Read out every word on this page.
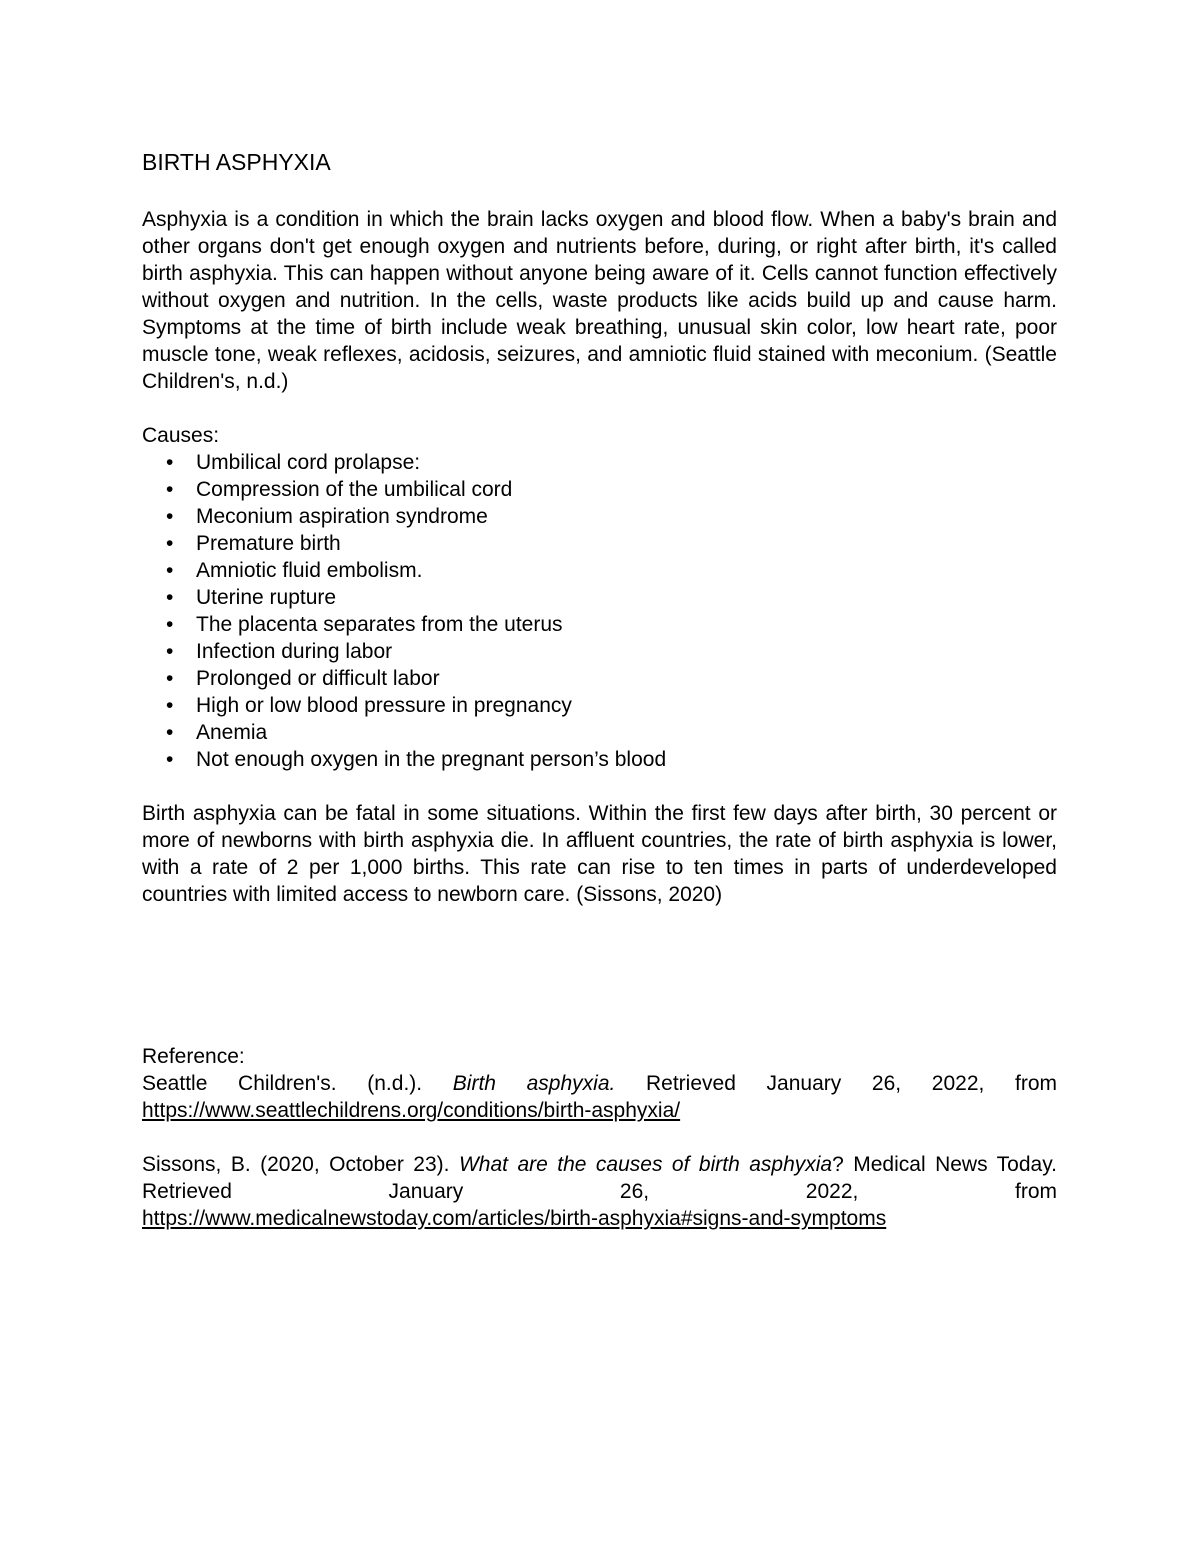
BIRTH ASPHYXIA

Asphyxia is a condition in which the brain lacks oxygen and blood flow. When a baby's brain and other organs don't get enough oxygen and nutrients before, during, or right after birth, it's called birth asphyxia. This can happen without anyone being aware of it. Cells cannot function effectively without oxygen and nutrition. In the cells, waste products like acids build up and cause harm. Symptoms at the time of birth include weak breathing, unusual skin color, low heart rate, poor muscle tone, weak reflexes, acidosis, seizures, and amniotic fluid stained with meconium. (Seattle Children's, n.d.)

Causes:

• Umbilical cord prolapse:
• Compression of the umbilical cord
• Meconium aspiration syndrome
• Premature birth
• Amniotic fluid embolism.
• Uterine rupture
• The placenta separates from the uterus
• Infection during labor
• Prolonged or difficult labor
• High or low blood pressure in pregnancy
• Anemia
• Not enough oxygen in the pregnant person’s blood

Birth asphyxia can be fatal in some situations. Within the first few days after birth, 30 percent or more of newborns with birth asphyxia die. In affluent countries, the rate of birth asphyxia is lower, with a rate of 2 per 1,000 births. This rate can rise to ten times in parts of underdeveloped countries with limited access to newborn care. (Sissons, 2020)

Reference:

Seattle Children's. (n.d.). Birth asphyxia. Retrieved January 26, 2022, from

https://www.seattlechildrens.org/conditions/birth-asphyxia/

Sissons, B. (2020, October 23). What are the causes of birth asphyxia? Medical News Today. Retrieved January 26, 2022, from

https://www.medicalnewstoday.com/articles/birth-asphyxia#signs-and-symptoms
